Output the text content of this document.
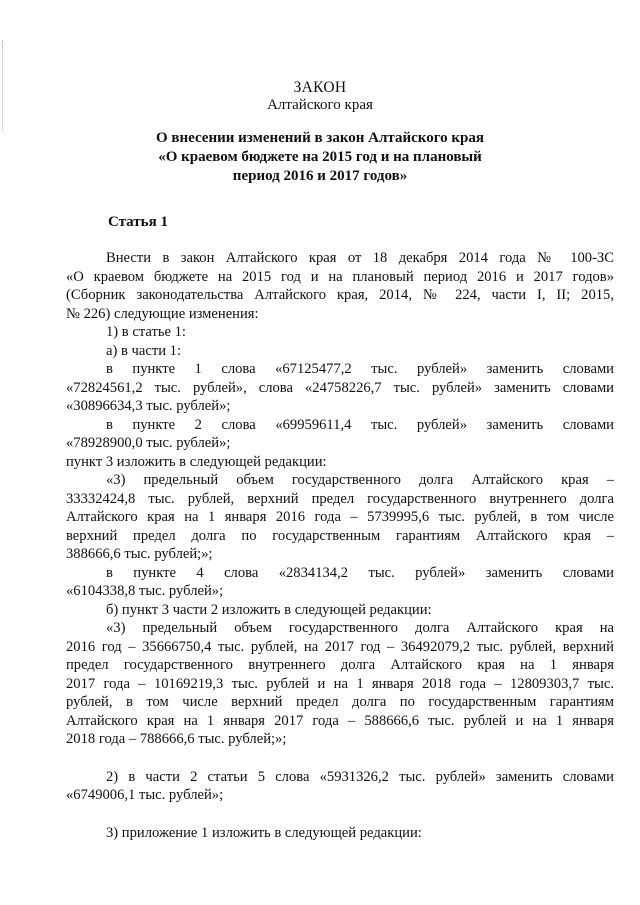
ЗАКОН
Алтайского края
О внесении изменений в закон Алтайского края
«О краевом бюджете на 2015 год и на плановый
период 2016 и 2017 годов»
Статья 1
Внести в закон Алтайского края от 18 декабря 2014 года № 100-ЗС
«О краевом бюджете на 2015 год и на плановый период 2016 и 2017 годов»
(Сборник законодательства Алтайского края, 2014, № 224, части I, II; 2015,
№ 226) следующие изменения:
1) в статье 1:
а) в части 1:
в пункте 1 слова «67125477,2 тыс. рублей» заменить словами
«72824561,2 тыс. рублей», слова «24758226,7 тыс. рублей» заменить словами
«30896634,3 тыс. рублей»;
в пункте 2 слова «69959611,4 тыс. рублей» заменить словами
«78928900,0 тыс. рублей»;
пункт 3 изложить в следующей редакции:
«3) предельный объем государственного долга Алтайского края –
33332424,8 тыс. рублей, верхний предел государственного внутреннего долга
Алтайского края на 1 января 2016 года – 5739995,6 тыс. рублей, в том числе
верхний предел долга по государственным гарантиям Алтайского края –
388666,6 тыс. рублей;»;
в пункте 4 слова «2834134,2 тыс. рублей» заменить словами
«6104338,8 тыс. рублей»;
б) пункт 3 части 2 изложить в следующей редакции:
«3) предельный объем государственного долга Алтайского края на
2016 год – 35666750,4 тыс. рублей, на 2017 год – 36492079,2 тыс. рублей, верхний
предел государственного внутреннего долга Алтайского края на 1 января
2017 года – 10169219,3 тыс. рублей и на 1 января 2018 года – 12809303,7 тыс.
рублей, в том числе верхний предел долга по государственным гарантиям
Алтайского края на 1 января 2017 года – 588666,6 тыс. рублей и на 1 января
2018 года – 788666,6 тыс. рублей;»;
2) в части 2 статьи 5 слова «5931326,2 тыс. рублей» заменить словами
«6749006,1 тыс. рублей»;
3) приложение 1 изложить в следующей редакции:
